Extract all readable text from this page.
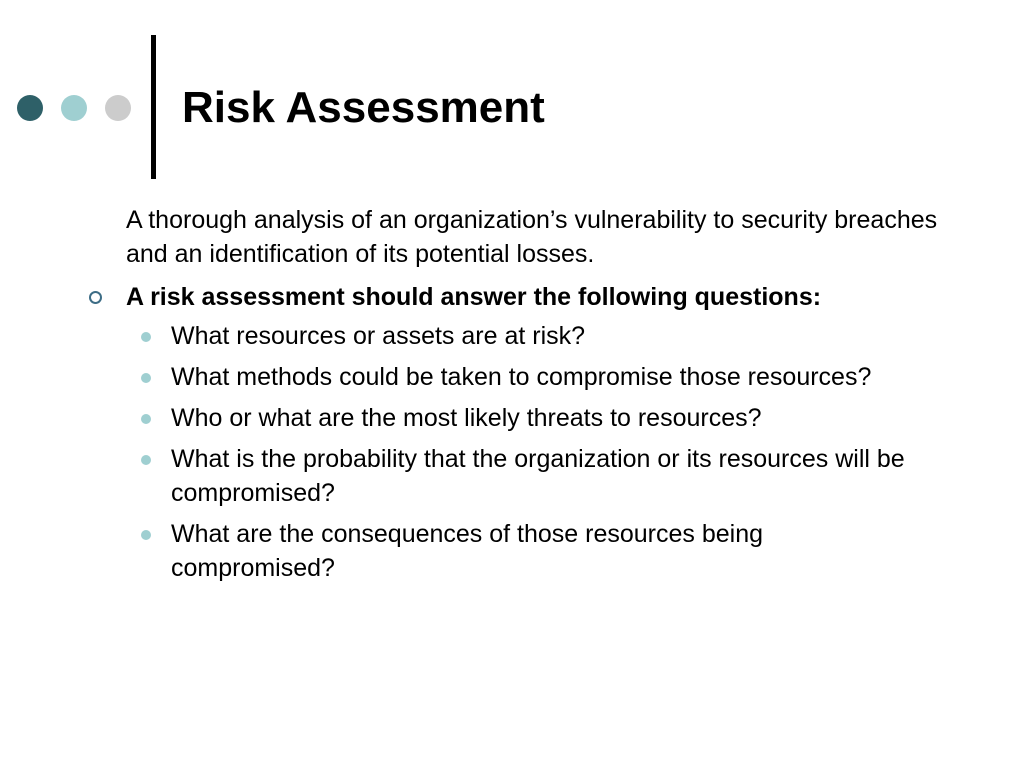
Risk Assessment

A thorough analysis of an organization’s vulnerability to security breaches and an identification of its potential losses.

A risk assessment should answer the following questions:
What resources or assets are at risk?
What methods could be taken to compromise those resources?
Who or what are the most likely threats to resources?
What is the probability that the organization or its resources will be compromised?
What are the consequences of those resources being compromised?
